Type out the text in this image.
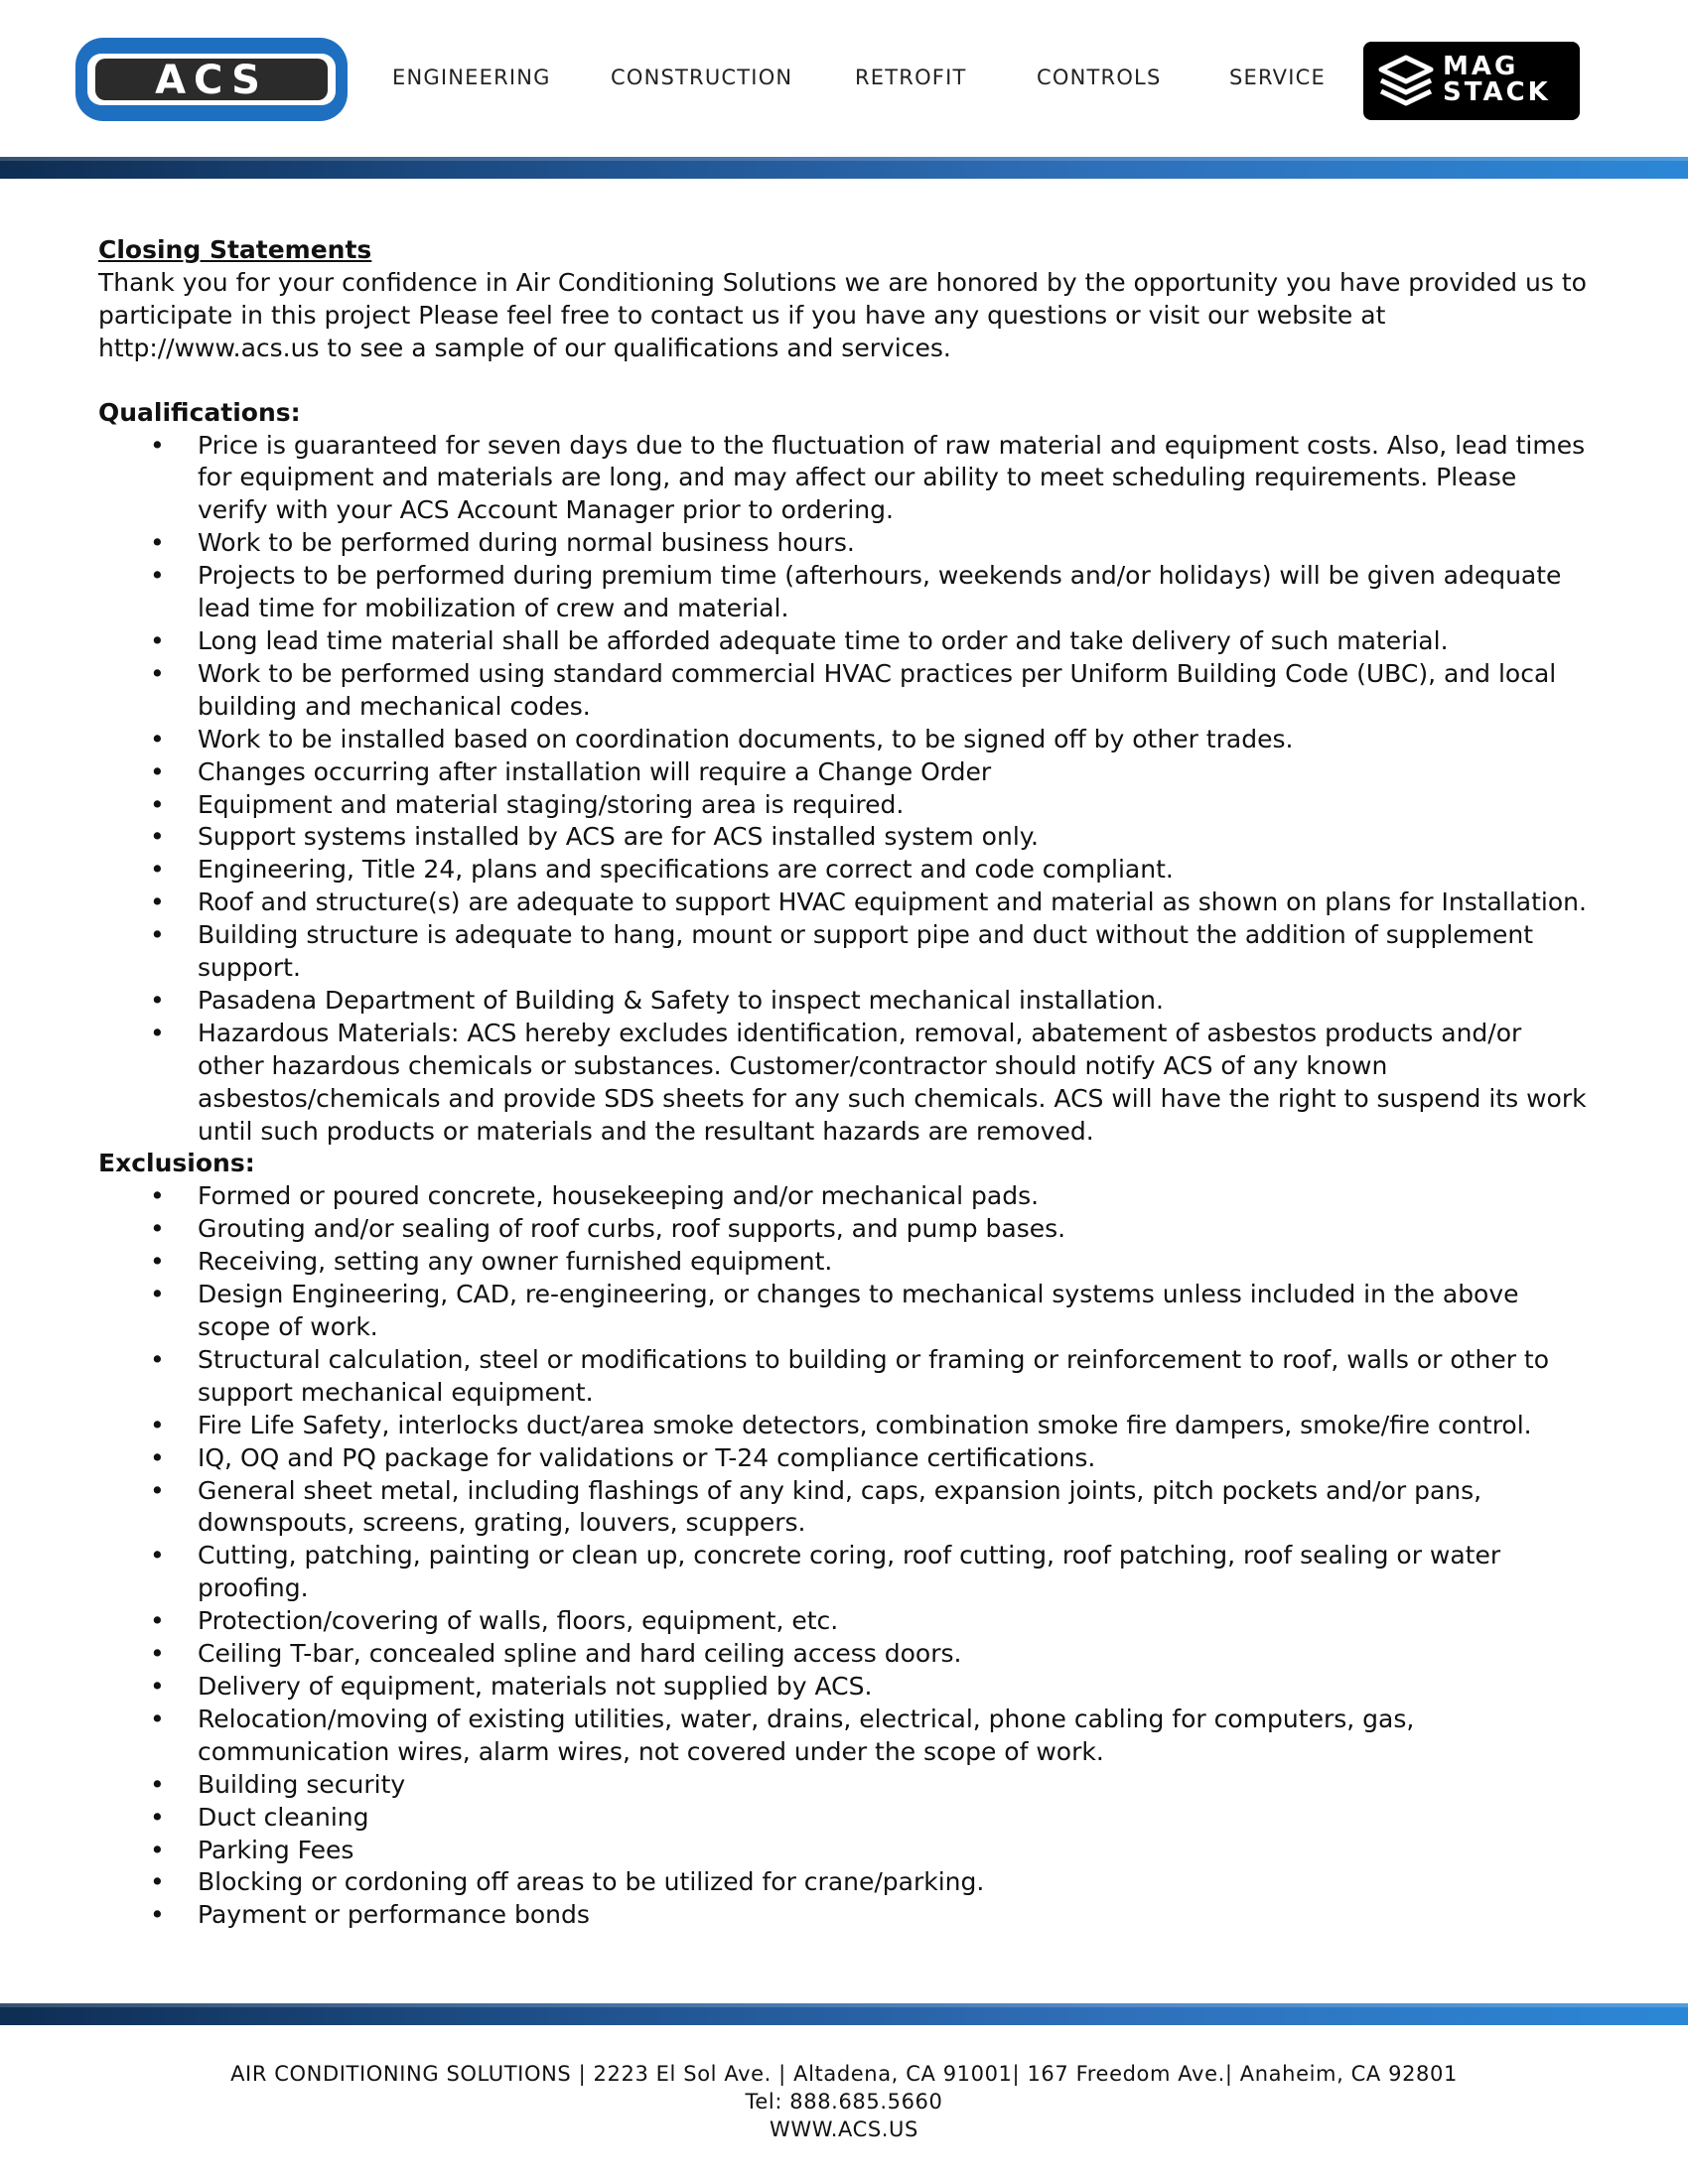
ACS	ENGINEERING	CONSTRUCTION	RETROFIT	CONTROLS	SERVICE	MAG
STACK
Closing Statements

Thank you for your confidence in Air Conditioning Solutions we are honored by the opportunity you have provided us to participate in this project Please feel free to contact us if you have any questions or visit our website at http://www.acs.us to see a sample of our qualifications and services.

Qualifications:
• Price is guaranteed for seven days due to the fluctuation of raw material and equipment costs. Also, lead times for equipment and materials are long, and may affect our ability to meet scheduling requirements. Please verify with your ACS Account Manager prior to ordering.
• Work to be performed during normal business hours.
• Projects to be performed during premium time (afterhours, weekends and/or holidays) will be given adequate lead time for mobilization of crew and material.
• Long lead time material shall be afforded adequate time to order and take delivery of such material.
• Work to be performed using standard commercial HVAC practices per Uniform Building Code (UBC), and local building and mechanical codes.
• Work to be installed based on coordination documents, to be signed off by other trades.
• Changes occurring after installation will require a Change Order
• Equipment and material staging/storing area is required.
• Support systems installed by ACS are for ACS installed system only.
• Engineering, Title 24, plans and specifications are correct and code compliant.
• Roof and structure(s) are adequate to support HVAC equipment and material as shown on plans for Installation.
• Building structure is adequate to hang, mount or support pipe and duct without the addition of supplement support.
• Pasadena Department of Building & Safety to inspect mechanical installation.
• Hazardous Materials: ACS hereby excludes identification, removal, abatement of asbestos products and/or other hazardous chemicals or substances. Customer/contractor should notify ACS of any known asbestos/chemicals and provide SDS sheets for any such chemicals. ACS will have the right to suspend its work until such products or materials and the resultant hazards are removed.
Exclusions:
• Formed or poured concrete, housekeeping and/or mechanical pads.
• Grouting and/or sealing of roof curbs, roof supports, and pump bases.
• Receiving, setting any owner furnished equipment.
• Design Engineering, CAD, re-engineering, or changes to mechanical systems unless included in the above scope of work.
• Structural calculation, steel or modifications to building or framing or reinforcement to roof, walls or other to support mechanical equipment.
• Fire Life Safety, interlocks duct/area smoke detectors, combination smoke fire dampers, smoke/fire control.
• IQ, OQ and PQ package for validations or T-24 compliance certifications.
• General sheet metal, including flashings of any kind, caps, expansion joints, pitch pockets and/or pans, downspouts, screens, grating, louvers, scuppers.
• Cutting, patching, painting or clean up, concrete coring, roof cutting, roof patching, roof sealing or water proofing.
• Protection/covering of walls, floors, equipment, etc.
• Ceiling T-bar, concealed spline and hard ceiling access doors.
• Delivery of equipment, materials not supplied by ACS.
• Relocation/moving of existing utilities, water, drains, electrical, phone cabling for computers, gas, communication wires, alarm wires, not covered under the scope of work.
• Building security
• Duct cleaning
• Parking Fees
• Blocking or cordoning off areas to be utilized for crane/parking.
• Payment or performance bonds
AIR CONDITIONING SOLUTIONS | 2223 El Sol Ave. | Altadena, CA 91001| 167 Freedom Ave.| Anaheim, CA 92801
Tel: 888.685.5660
WWW.ACS.US
